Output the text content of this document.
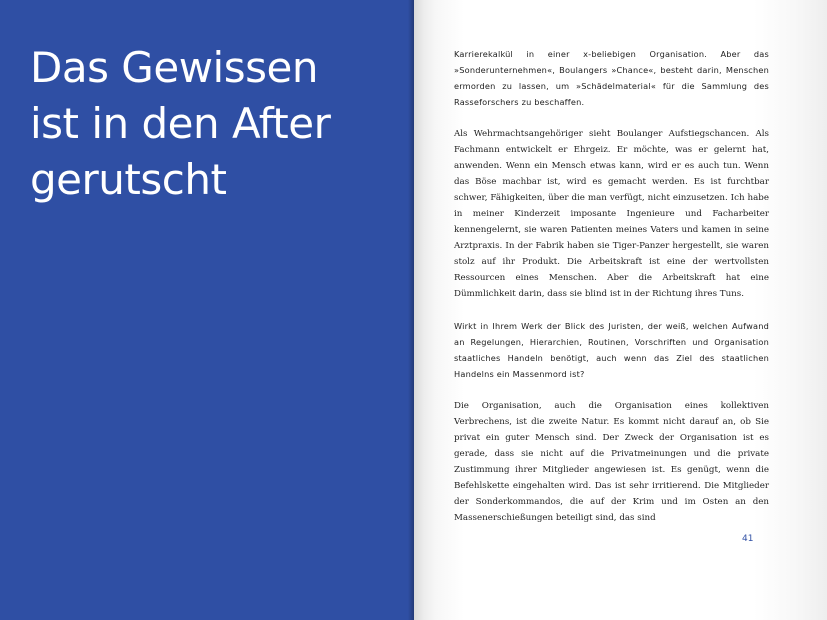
Das Gewissen
ist in den After
gerutscht

Karrierekalkül in einer x-beliebigen Organisation. Aber das »Sonderunternehmen«, Boulangers »Chance«, besteht darin, Menschen ermorden zu lassen, um »Schädelmaterial« für die Sammlung des Rasseforschers zu beschaffen.

Als Wehrmachtsangehöriger sieht Boulanger Aufstiegschancen. Als Fachmann entwickelt er Ehrgeiz. Er möchte, was er gelernt hat, anwenden. Wenn ein Mensch etwas kann, wird er es auch tun. Wenn das Böse machbar ist, wird es gemacht werden. Es ist furchtbar schwer, Fähigkeiten, über die man verfügt, nicht einzusetzen. Ich habe in meiner Kinderzeit imposante Ingenieure und Facharbeiter kennengelernt, sie waren Patienten meines Vaters und kamen in seine Arztpraxis. In der Fabrik haben sie Tiger-Panzer hergestellt, sie waren stolz auf ihr Produkt. Die Arbeitskraft ist eine der wertvollsten Ressourcen eines Menschen. Aber die Arbeitskraft hat eine Dümmlichkeit darin, dass sie blind ist in der Richtung ihres Tuns.

Wirkt in Ihrem Werk der Blick des Juristen, der weiß, welchen Aufwand an Regelungen, Hierarchien, Routinen, Vorschriften und Organisation staatliches Handeln benötigt, auch wenn das Ziel des staatlichen Handelns ein Massenmord ist?

Die Organisation, auch die Organisation eines kollektiven Verbrechens, ist die zweite Natur. Es kommt nicht darauf an, ob Sie privat ein guter Mensch sind. Der Zweck der Organisation ist es gerade, dass sie nicht auf die Privatmeinungen und die private Zustimmung ihrer Mitglieder angewiesen ist. Es genügt, wenn die Befehlskette eingehalten wird. Das ist sehr irritierend. Die Mitglieder der Sonderkommandos, die auf der Krim und im Osten an den Massenerschießungen beteiligt sind, das sind

41
